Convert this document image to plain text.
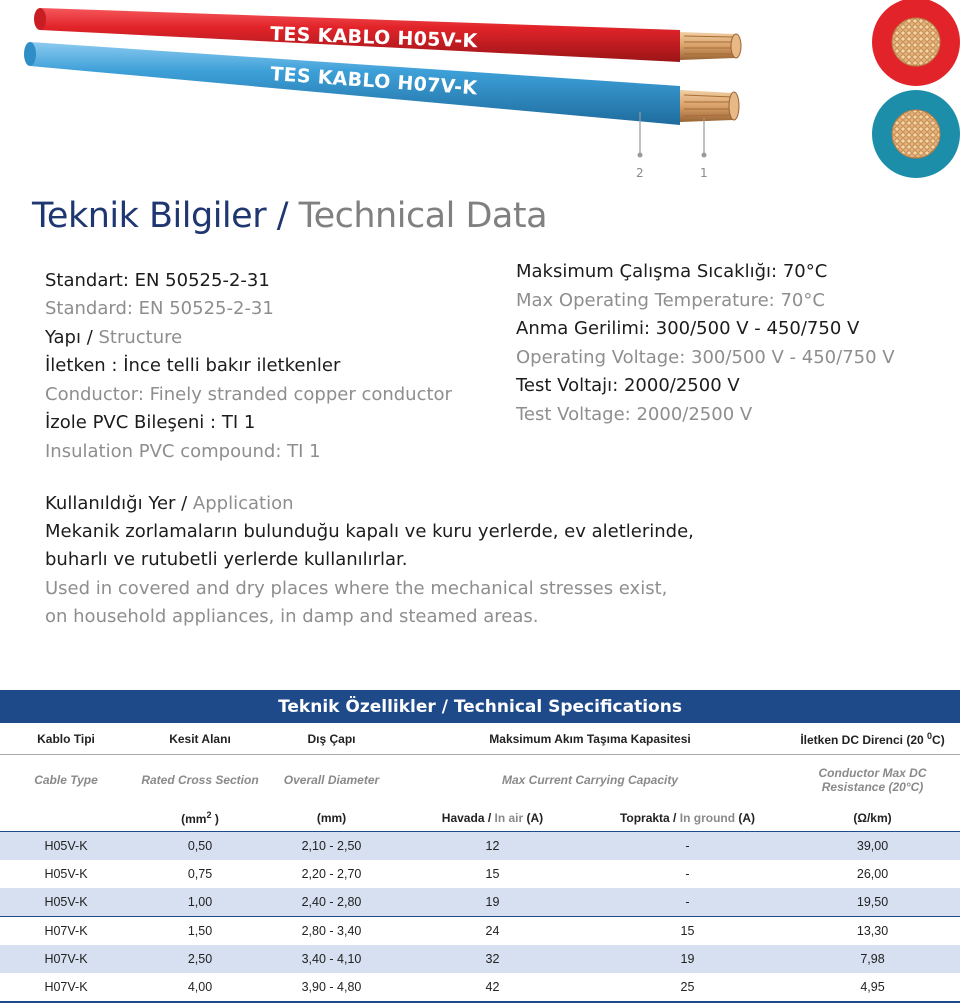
TES KABLO H05V-K
TES KABLO H07V-K
2	1
Teknik Bilgiler / Technical Data
Standart: EN 50525-2-31
Standard: EN 50525-2-31
Yapı / Structure
İletken : İnce telli bakır iletkenler
Conductor: Finely stranded copper conductor
İzole PVC Bileşeni : TI 1
Insulation PVC compound: TI 1
Maksimum Çalışma Sıcaklığı: 70°C
Max Operating Temperature: 70°C
Anma Gerilimi: 300/500 V - 450/750 V
Operating Voltage: 300/500 V - 450/750 V
Test Voltajı: 2000/2500 V
Test Voltage: 2000/2500 V
Kullanıldığı Yer / Application
Mekanik zorlamaların bulunduğu kapalı ve kuru yerlerde, ev aletlerinde,
buharlı ve rutubetli yerlerde kullanılırlar.
Used in covered and dry places where the mechanical stresses exist,
on household appliances, in damp and steamed areas.
Teknik Özellikler / Technical Specifications					
Kablo Tipi	Kesit Alanı	Dış Çapı	Maksimum Akım Taşıma Kapasitesi		İletken DC Direnci (20 $^0$C)
Cable Type	Rated Cross Section	Overall Diameter	Max Current Carrying Capacity		Conductor Max DC
Resistance (20°C)

	($mm^2$ )	(mm)	Havada / In air (A)	Toprakta / In ground (A)	(Ω/km)
H05V-K	0,50	2,10 - 2,50	12	-	39,00
H05V-K	0,75	2,20 - 2,70	15	-	26,00
H05V-K	1,00	2,40 - 2,80	19	-	19,50
H07V-K	1,50	2,80 - 3,40	24	15	13,30
H07V-K	2,50	3,40 - 4,10	32	19	7,98
H07V-K	4,00	3,90 - 4,80	42	25	4,95
